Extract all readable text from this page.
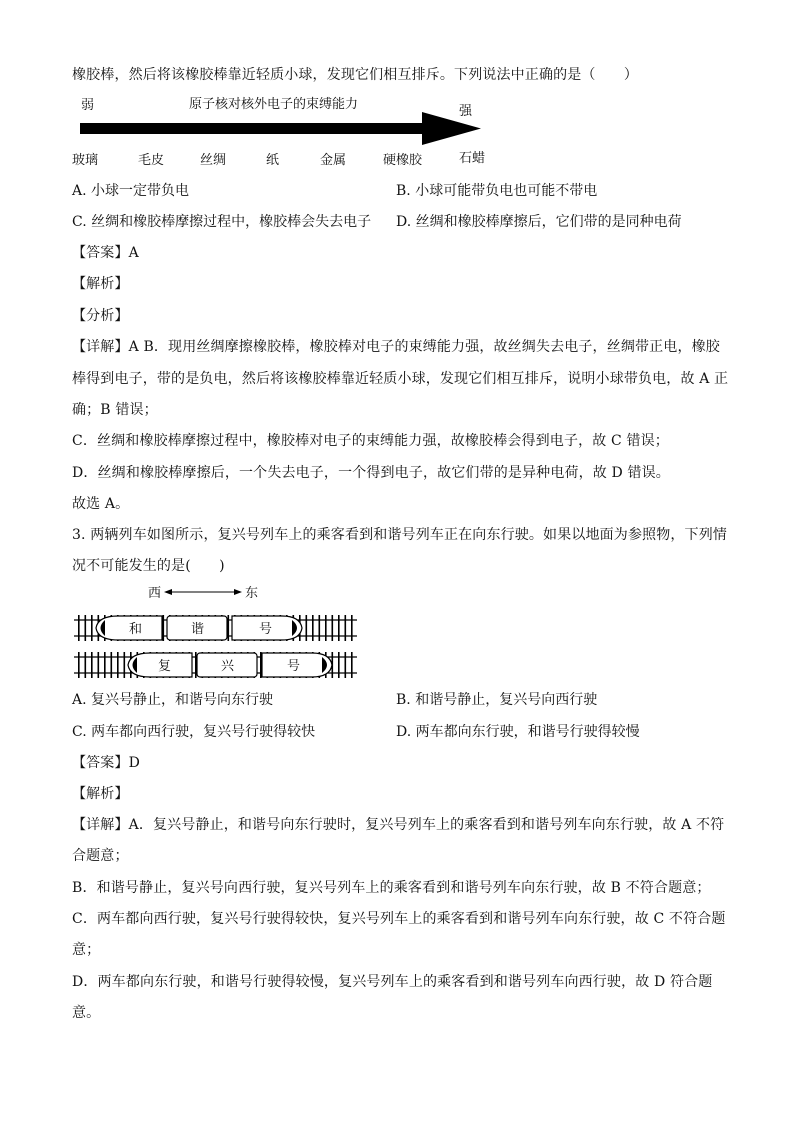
橡胶棒，然后将该橡胶棒靠近轻质小球，发现它们相互排斥。下列说法中正确的是（　　）
弱	原子核对核外电子的束缚能力	强
玻璃	毛皮	丝绸	纸	金属	硬橡胶	石蜡
A. 小球一定带负电	B. 小球可能带负电也可能不带电
C. 丝绸和橡胶棒摩擦过程中，橡胶棒会失去电子 D. 丝绸和橡胶棒摩擦后，它们带的是同种电荷
【答案】A
【解析】
【分析】
【详解】A B．现用丝绸摩擦橡胶棒，橡胶棒对电子的束缚能力强，故丝绸失去电子，丝绸带正电，橡胶
棒得到电子，带的是负电，然后将该橡胶棒靠近轻质小球，发现它们相互排斥，说明小球带负电，故 A 正
确；B 错误；
C．丝绸和橡胶棒摩擦过程中，橡胶棒对电子的束缚能力强，故橡胶棒会得到电子，故 C 错误；
D．丝绸和橡胶棒摩擦后，一个失去电子，一个得到电子，故它们带的是异种电荷，故 D 错误。
故选 A。
3. 两辆列车如图所示，复兴号列车上的乘客看到和谐号列车正在向东行驶。如果以地面为参照物，下列情
况不可能发生的是(　　)
西	东
和	谐	号
复	兴	号
A. 复兴号静止，和谐号向东行驶	B. 和谐号静止，复兴号向西行驶
C. 两车都向西行驶，复兴号行驶得较快	D. 两车都向东行驶，和谐号行驶得较慢
【答案】D
【解析】
【详解】A．复兴号静止，和谐号向东行驶时，复兴号列车上的乘客看到和谐号列车向东行驶，故 A 不符
合题意；
B．和谐号静止，复兴号向西行驶，复兴号列车上的乘客看到和谐号列车向东行驶，故 B 不符合题意；
C．两车都向西行驶，复兴号行驶得较快，复兴号列车上的乘客看到和谐号列车向东行驶，故 C 不符合题
意；
D．两车都向东行驶，和谐号行驶得较慢，复兴号列车上的乘客看到和谐号列车向西行驶，故 D 符合题
意。
